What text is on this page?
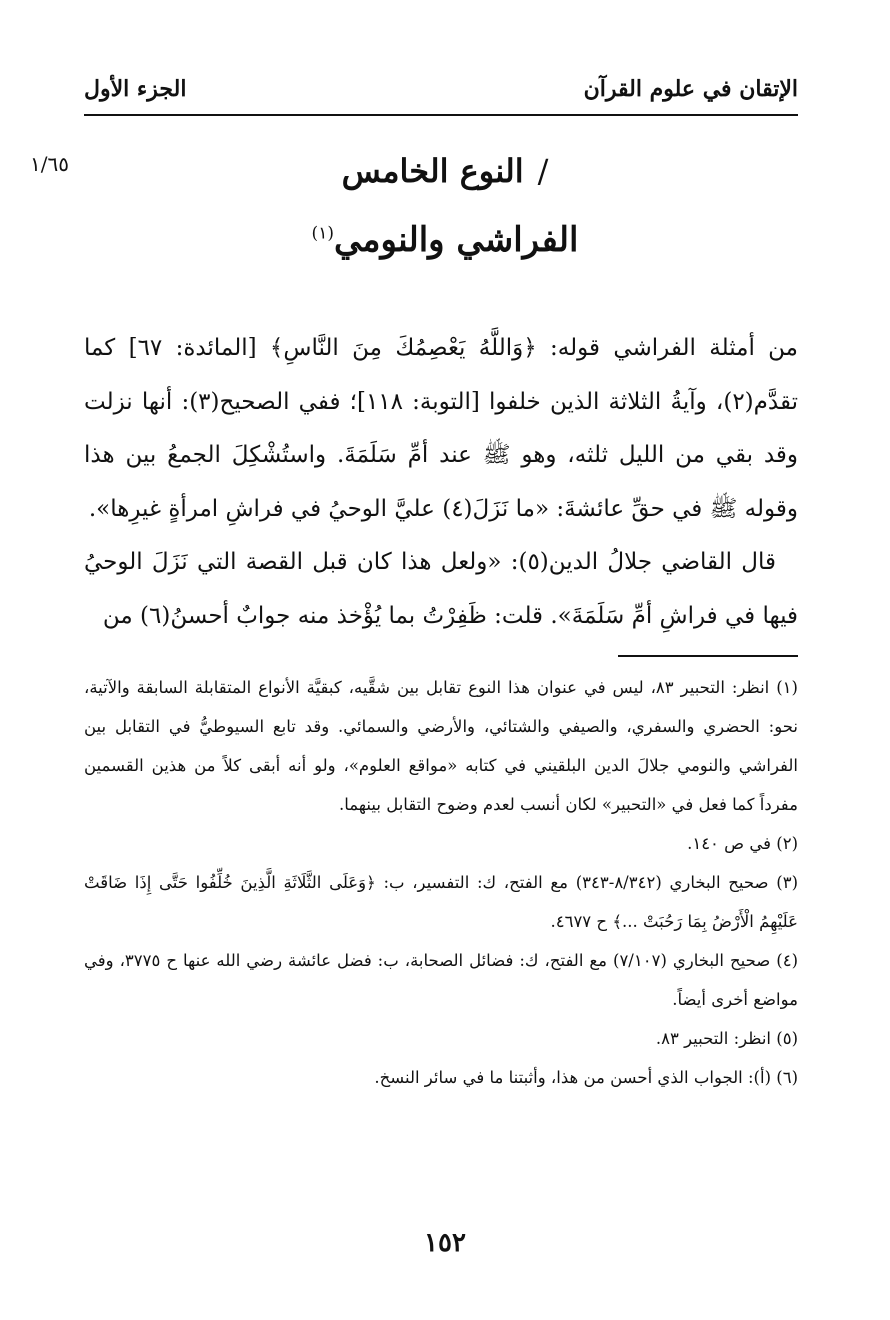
الإتقان في علوم القرآن
الجزء الأول
١/٦٥	/النوع الخامس
الفراشي والنومي$^{(١)}$

من أمثلة الفراشي قوله: ﴿وَاللَّهُ يَعْصِمُكَ مِنَ النَّاسِ﴾ [المائدة: ٦٧] كما تقدَّم(٢)، وآيةُ الثلاثة الذين خلفوا [التوبة: ١١٨]؛ ففي الصحيح(٣): أنها نزلت وقد بقي من الليل ثلثه، وهو ﷺ عند أمِّ سَلَمَةَ. واستُشْكِلَ الجمعُ بين هذا وقوله ﷺ في حقِّ عائشةَ: «ما نَزَلَ(٤) عليَّ الوحيُ في فراشِ امرأةٍ غيرِها».

قال القاضي جلالُ الدين(٥): «ولعل هذا كان قبل القصة التي نَزَلَ الوحيُ فيها في فراشِ أمِّ سَلَمَةَ». قلت: ظَفِرْتُ بما يُؤْخذ منه جوابٌ أحسنُ(٦) من

(١) انظر: التحبير ٨٣، ليس في عنوان هذا النوع تقابل بين شقَّيه، كبقيَّة الأنواع المتقابلة السابقة والآتية، نحو: الحضري والسفري، والصيفي والشتائي، والأرضي والسمائي. وقد تابع السيوطيُّ في التقابل بين الفراشي والنومي جلالَ الدين البلقيني في كتابه «مواقع العلوم»، ولو أنه أبقى كلاً من هذين القسمين مفرداً كما فعل في «التحبير» لكان أنسب لعدم وضوح التقابل بينهما.

(٢) في ص ١٤٠.

(٣) صحيح البخاري (٨/٣٤٢-٣٤٣) مع الفتح، ك: التفسير، ب: ﴿وَعَلَى الثَّلَاثَةِ الَّذِينَ خُلِّفُوا حَتَّى إِذَا ضَاقَتْ عَلَيْهِمُ الْأَرْضُ بِمَا رَحُبَتْ ...﴾ ح ٤٦٧٧.

(٤) صحيح البخاري (٧/١٠٧) مع الفتح، ك: فضائل الصحابة، ب: فضل عائشة رضي الله عنها ح ٣٧٧٥، وفي مواضع أخرى أيضاً.

(٥) انظر: التحبير ٨٣.

(٦) (أ): الجواب الذي أحسن من هذا، وأثبتنا ما في سائر النسخ.

١٥٢
